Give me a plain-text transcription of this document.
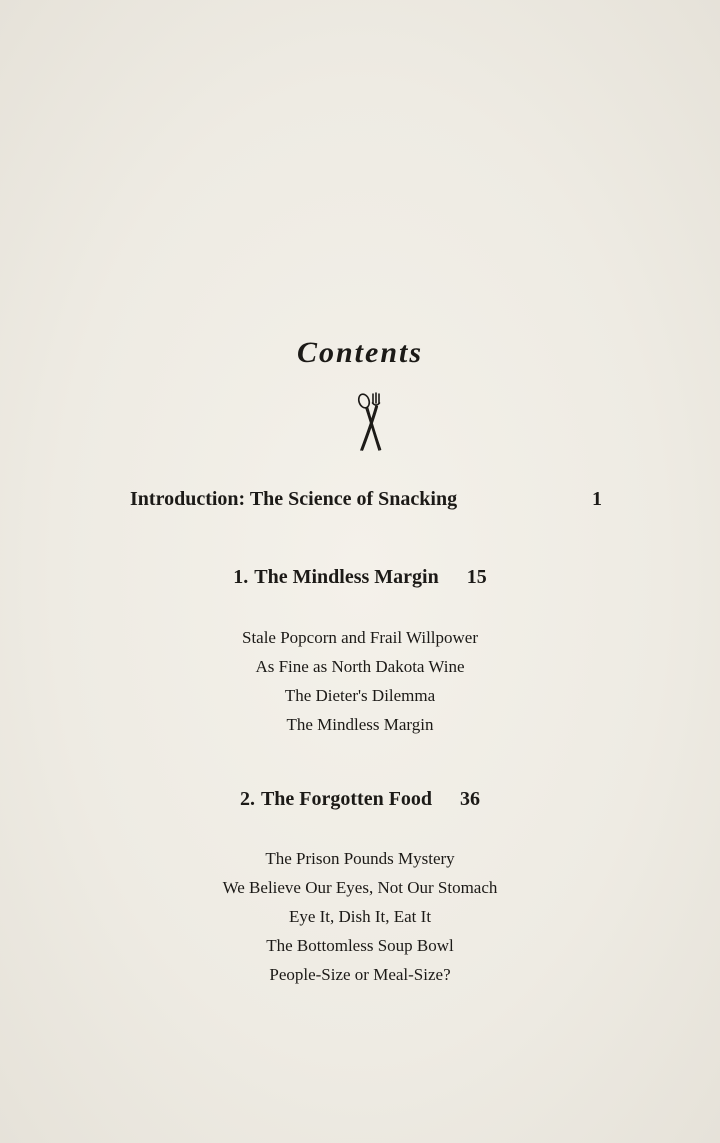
Contents
Introduction: The Science of Snacking	1
1. The Mindless Margin 15
Stale Popcorn and Frail Willpower
As Fine as North Dakota Wine
The Dieter's Dilemma
The Mindless Margin
2. The Forgotten Food 36
The Prison Pounds Mystery
We Believe Our Eyes, Not Our Stomach
Eye It, Dish It, Eat It
The Bottomless Soup Bowl
People-Size or Meal-Size?
